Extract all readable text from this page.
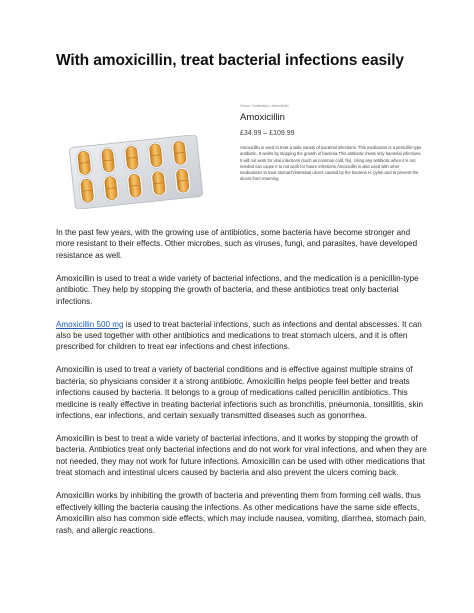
With amoxicillin, treat bacterial infections easily
Home / Antibiotics / Amoxicillin
Amoxicillin
£34.99 – £109.99

Amoxicillin is used to treat a wide variety of bacterial infections. This medication is a penicillin-type antibiotic. It works by stopping the growth of bacteria.This antibiotic treats only bacterial infections. It will not work for viral infections (such as common cold, flu). Using any antibiotic when it is not needed can cause it to not work for future infections.Amoxicillin is also used with other medications to treat stomach/intestinal ulcers caused by the bacteria H. pylori and to prevent the ulcers from returning.

In the past few years, with the growing use of antibiotics, some bacteria have become stronger and more resistant to their effects. Other microbes, such as viruses, fungi, and parasites, have developed resistance as well.

Amoxicillin is used to treat a wide variety of bacterial infections, and the medication is a penicillin-type antibiotic. They help by stopping the growth of bacteria, and these antibiotics treat only bacterial infections.

Amoxicillin 500 mg is used to treat bacterial infections, such as infections and dental abscesses. It can also be used together with other antibiotics and medications to treat stomach ulcers, and it is often prescribed for children to treat ear infections and chest infections.

Amoxicillin is used to treat a variety of bacterial conditions and is effective against multiple strains of bacteria, so physicians consider it a strong antibiotic. Amoxicillin helps people feel better and treats infections caused by bacteria. It belongs to a group of medications called penicillin antibiotics. This medicine is really effective in treating bacterial infections such as bronchitis, pneumonia, tonsillitis, skin infections, ear infections, and certain sexually transmitted diseases such as gonorrhea.

Amoxicillin is best to treat a wide variety of bacterial infections, and it works by stopping the growth of bacteria. Antibiotics treat only bacterial infections and do not work for viral infections, and when they are not needed, they may not work for future infections. Amoxicillin can be used with other medications that treat stomach and intestinal ulcers caused by bacteria and also prevent the ulcers coming back.

Amoxicillin works by inhibiting the growth of bacteria and preventing them from forming cell walls, thus effectively killing the bacteria causing the infections. As other medications have the same side effects, Amoxicillin also has common side effects, which may include nausea, vomiting, diarrhea, stomach pain, rash, and allergic reactions.
